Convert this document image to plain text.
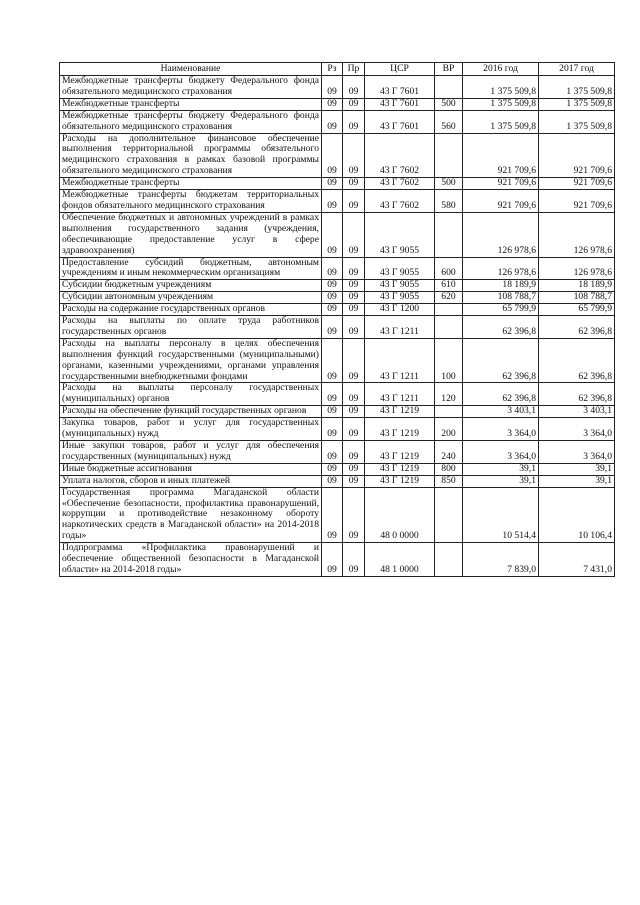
Наименование	Рз	Пр	ЦСР	ВР	2016 год	2017 год
Межбюджетные трансферты бюджету Федерального фонда обязательного медицинского страхования	09	09	43 Г 7601		1 375 509,8	1 375 509,8
Межбюджетные трансферты	09	09	43 Г 7601	500	1 375 509,8	1 375 509,8
Межбюджетные трансферты бюджету Федерального фонда обязательного медицинского страхования	09	09	43 Г 7601	560	1 375 509,8	1 375 509,8
Расходы на дополнительное финансовое обеспечение выполнения территориальной программы обязательного медицинского страхования в рамках базовой программы обязательного медицинского страхования	09	09	43 Г 7602		921 709,6	921 709,6
Межбюджетные трансферты	09	09	43 Г 7602	500	921 709,6	921 709,6
Межбюджетные трансферты бюджетам территориальных фондов обязательного медицинского страхования	09	09	43 Г 7602	580	921 709,6	921 709,6
Обеспечение бюджетных и автономных учреждений в рамках выполнения государственного задания (учреждения, обеспечивающие предоставление услуг в сфере здравоохранения)	09	09	43 Г 9055		126 978,6	126 978,6
Предоставление субсидий бюджетным, автономным учреждениям и иным некоммерческим организациям	09	09	43 Г 9055	600	126 978,6	126 978,6
Субсидии бюджетным учреждениям	09	09	43 Г 9055	610	18 189,9	18 189,9
Субсидии автономным учреждениям	09	09	43 Г 9055	620	108 788,7	108 788,7
Расходы на содержание государственных органов	09	09	43 Г 1200		65 799,9	65 799,9
Расходы на выплаты по оплате труда работников государственных органов	09	09	43 Г 1211		62 396,8	62 396,8
Расходы на выплаты персоналу в целях обеспечения выполнения функций государственными (муниципальными) органами, казенными учреждениями, органами управления государственными внебюджетными фондами	09	09	43 Г 1211	100	62 396,8	62 396,8
Расходы на выплаты персоналу государственных (муниципальных) органов	09	09	43 Г 1211	120	62 396,8	62 396,8
Расходы на обеспечение функций государственных органов	09	09	43 Г 1219		3 403,1	3 403,1
Закупка товаров, работ и услуг для государственных (муниципальных) нужд	09	09	43 Г 1219	200	3 364,0	3 364,0
Иные закупки товаров, работ и услуг для обеспечения государственных (муниципальных) нужд	09	09	43 Г 1219	240	3 364,0	3 364,0
Иные бюджетные ассигнования	09	09	43 Г 1219	800	39,1	39,1
Уплата налогов, сборов и иных платежей	09	09	43 Г 1219	850	39,1	39,1
Государственная программа Магаданской области «Обеспечение безопасности, профилактика правонарушений, коррупции и противодействие незаконному обороту наркотических средств в Магаданской области» на 2014-2018 годы»	09	09	48 0 0000		10 514,4	10 106,4
Подпрограмма «Профилактика правонарушений и обеспечение общественной безопасности в Магаданской области» на 2014-2018 годы»	09	09	48 1 0000		7 839,0	7 431,0
